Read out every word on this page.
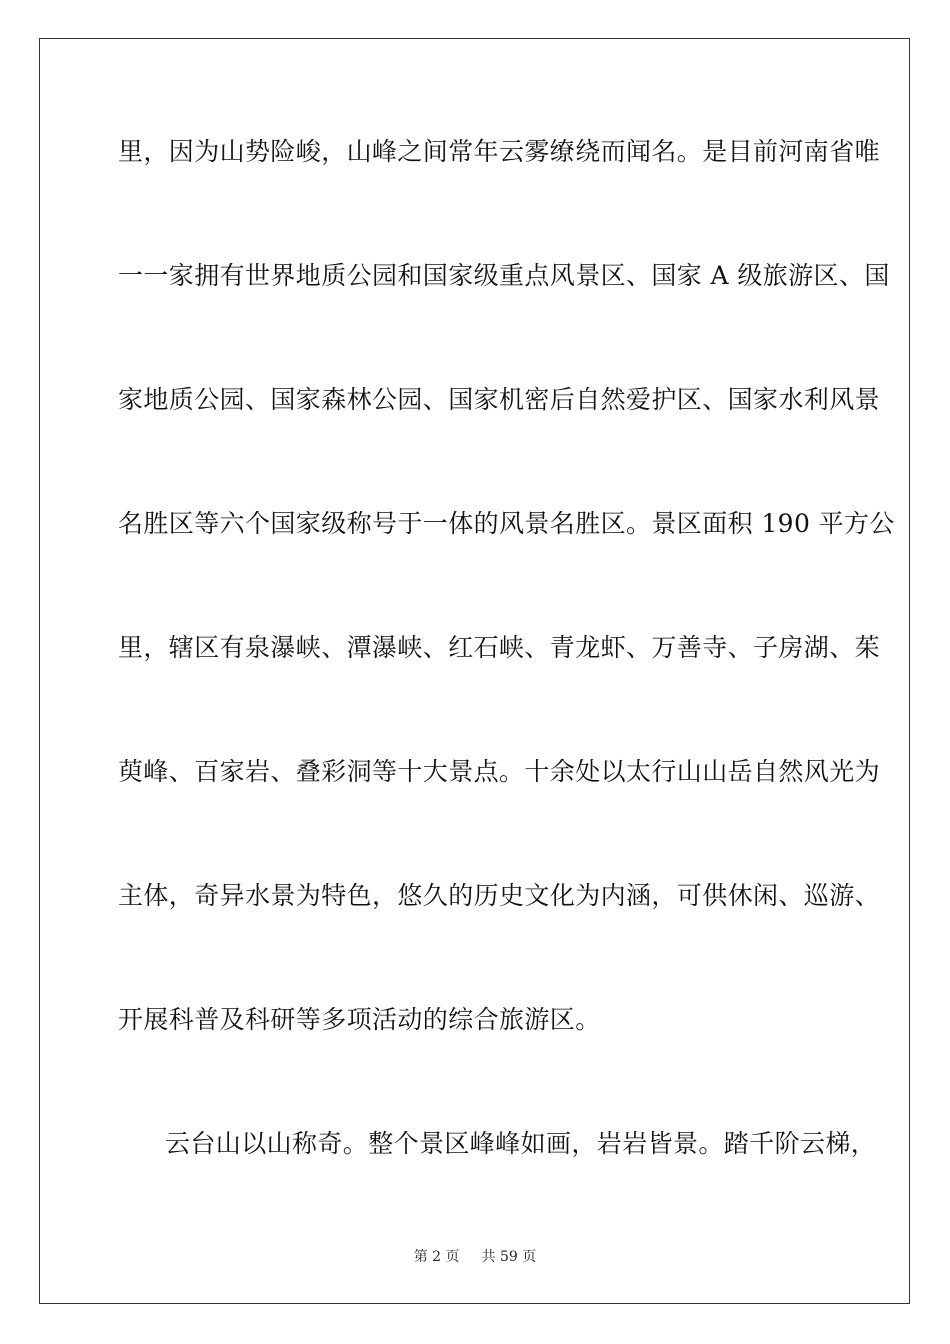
里，因为山势险峻，山峰之间常年云雾缭绕而闻名。是目前河南省唯
一一家拥有世界地质公园和国家级重点风景区、国家 A 级旅游区、国
家地质公园、国家森林公园、国家机密后自然爱护区、国家水利风景
名胜区等六个国家级称号于一体的风景名胜区。景区面积 190 平方公
里，辖区有泉瀑峡、潭瀑峡、红石峡、青龙虾、万善寺、子房湖、茱
萸峰、百家岩、叠彩洞等十大景点。十余处以太行山山岳自然风光为
主体，奇异水景为特色，悠久的历史文化为内涵，可供休闲、巡游、
开展科普及科研等多项活动的综合旅游区。
云台山以山称奇。整个景区峰峰如画，岩岩皆景。踏千阶云梯，
第 2 页 共 59 页
